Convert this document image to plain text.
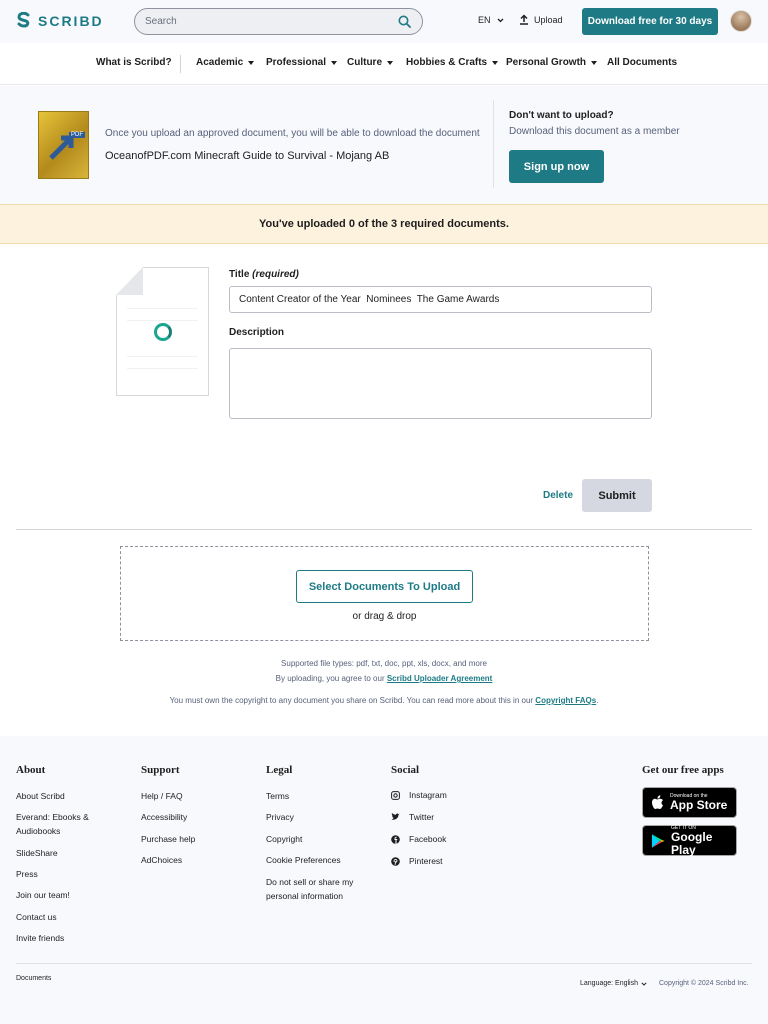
SCRIBD
Search	EN	Upload	Download free for 30 days
What is Scribd? Academic Professional Culture Hobbies & Crafts Personal Growth All Documents
PDF Once you upload an approved document, you will be able to download the document
OceanofPDF.com Minecraft Guide to Survival - Mojang AB
Don't want to upload?
Download this document as a member
Sign up now
You've uploaded 0 of the 3 required documents.
Title (required)
Content Creator of the Year Nominees The Game Awards
Description
Delete	Submit
Select Documents To Upload
or drag & drop
Supported file types: pdf, txt, doc, ppt, xls, docx, and more
By uploading, you agree to our Scribd Uploader Agreement
You must own the copyright to any document you share on Scribd. You can read more about this in our Copyright FAQs.
About
About Scribd
Everand: Ebooks &
Audiobooks
SlideShare
Press
Join our team!
Contact us
Invite friends
Support
Help / FAQ
Accessibility
Purchase help
AdChoices
Legal
Terms
Privacy
Copyright
Cookie Preferences
Do not sell or share my
personal information
Social
Instagram
Twitter
Facebook
Pinterest
Get our free apps
Download on the
App Store
GET IT ON
Google Play
Documents
Language: English	Copyright © 2024 Scribd Inc.
